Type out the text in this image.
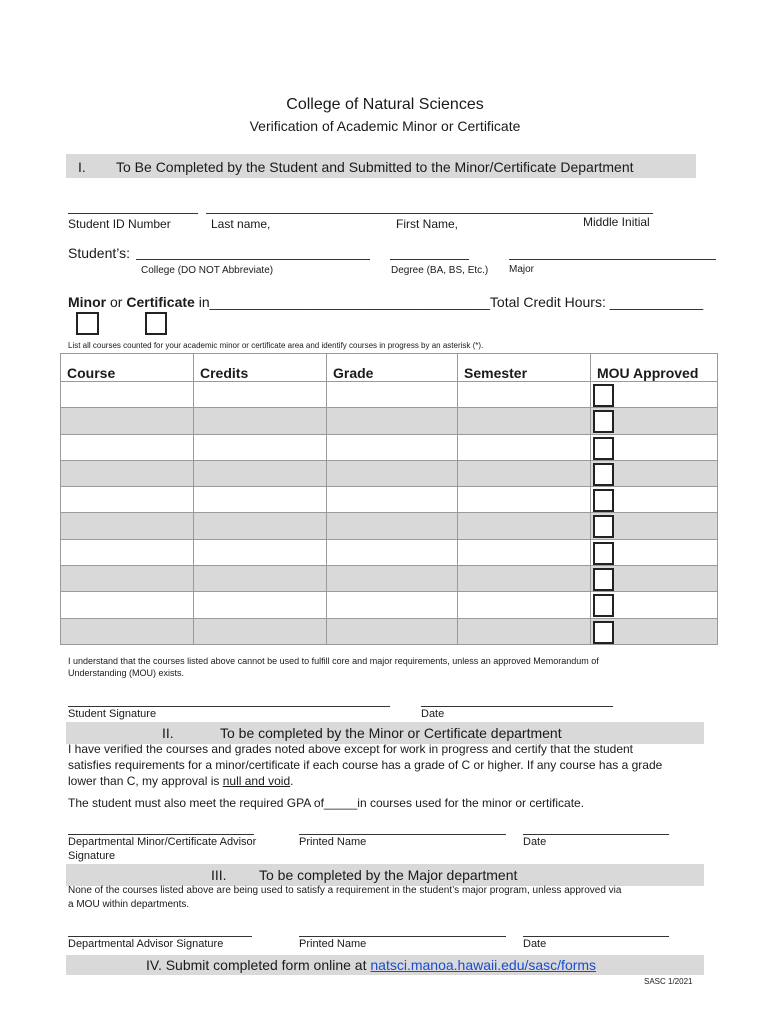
College of Natural Sciences
Verification of Academic Minor or Certificate
I. To Be Completed by the Student and Submitted to the Minor/Certificate Department
Student ID Number	Last name,	First Name,	Middle Initial
Student’s:
College (DO NOT Abbreviate)	Degree (BA, BS, Etc.) Major
Minor or Certificate in____________________________________Total Credit Hours: ____________
List all courses counted for your academic minor or certificate area and identify courses in progress by an asterisk (*).
Course	Credits	Grade	Semester	MOU Approved

I understand that the courses listed above cannot be used to fulfill core and major requirements, unless an approved Memorandum of
Understanding (MOU) exists.
Student Signature	Date
II.	To be completed by the Minor or Certificate department
I have verified the courses and grades noted above except for work in progress and certify that the student
satisfies requirements for a minor/certificate if each course has a grade of C or higher. If any course has a grade
lower than C, my approval is null and void.
The student must also meet the required GPA of_____in courses used for the minor or certificate.
Departmental Minor/Certificate Advisor
Signature
Printed Name	Date
III. To be completed by the Major department
None of the courses listed above are being used to satisfy a requirement in the student’s major program, unless approved via
a MOU within departments.
Departmental Advisor Signature	Printed Name	Date
IV. Submit completed form online at natsci.manoa.hawaii.edu/sasc/forms
SASC 1/2021
